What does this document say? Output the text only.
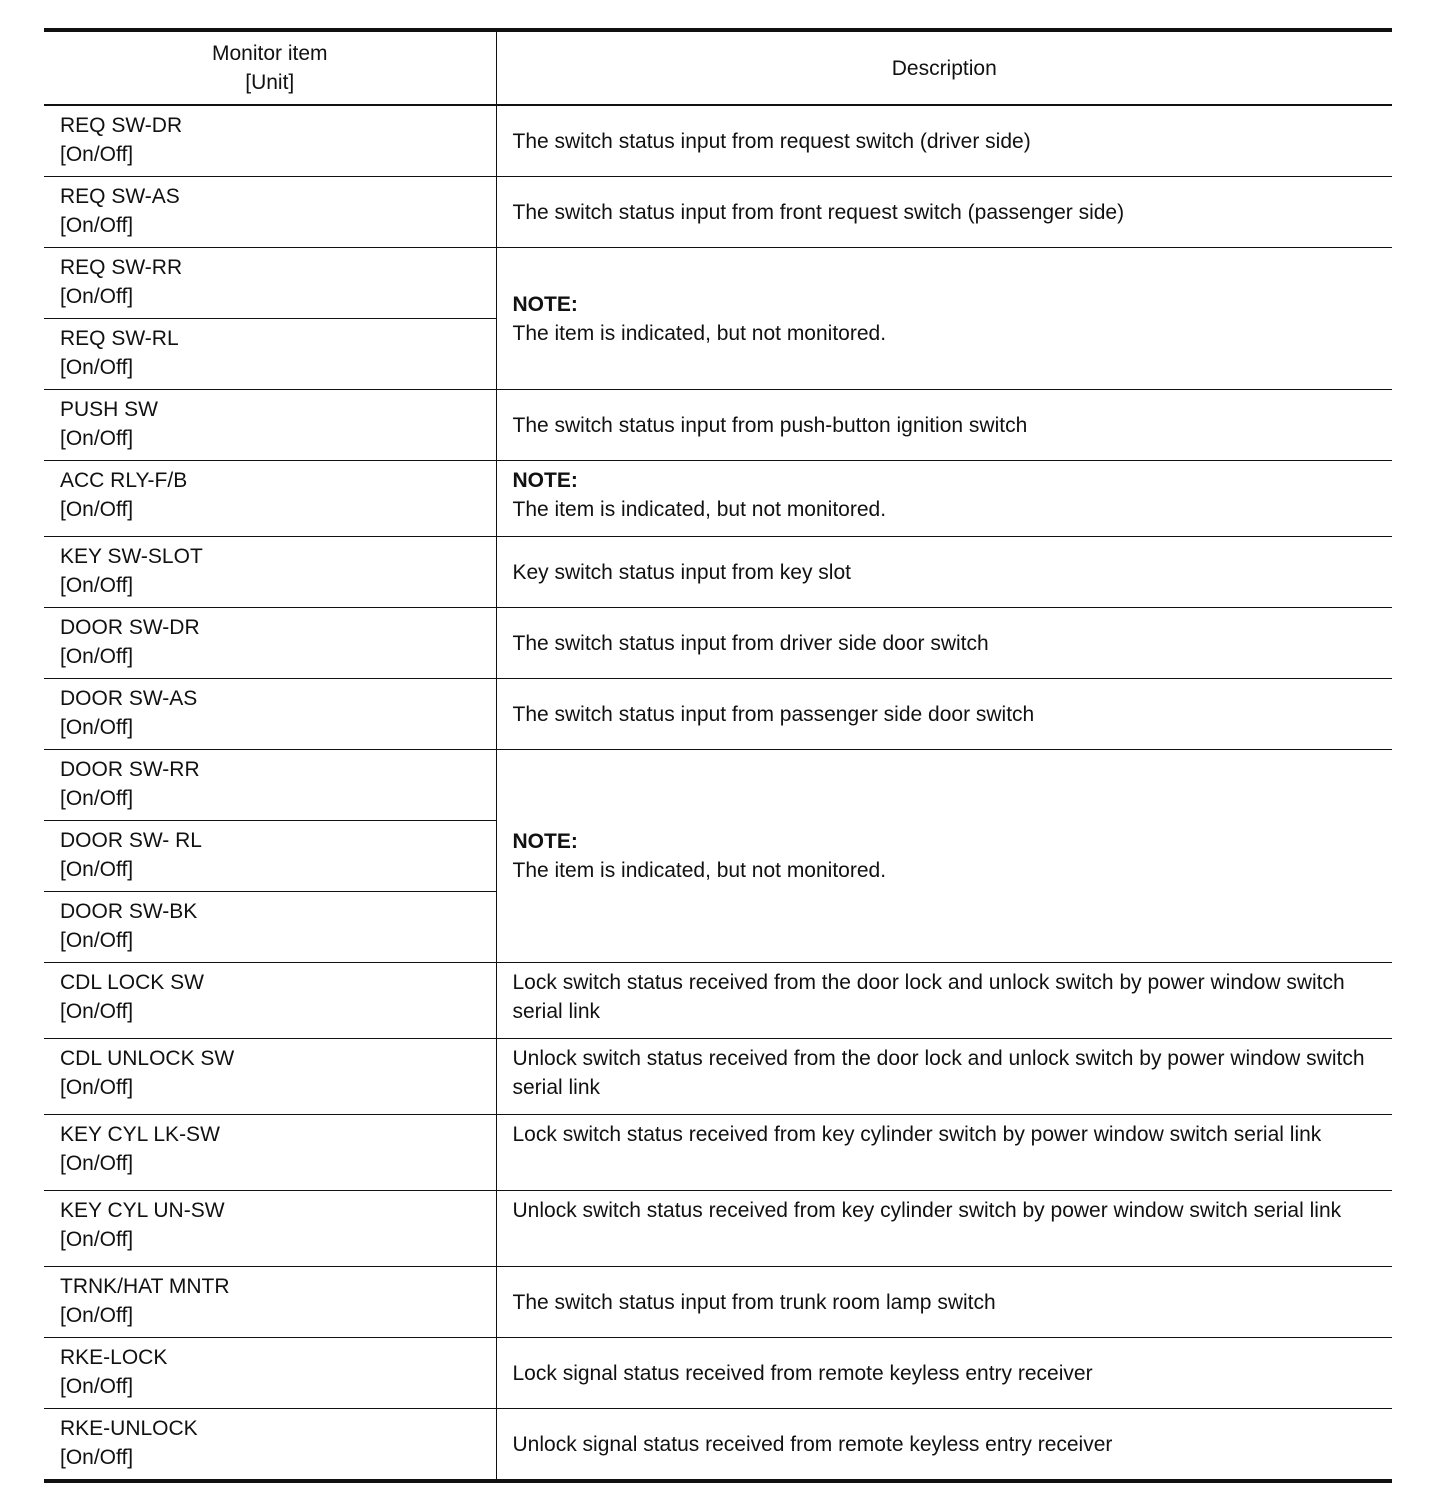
Monitor item
[Unit]	Description

REQ SW-DR
[On/Off]	The switch status input from request switch (driver side)

REQ SW-AS
[On/Off]	The switch status input from front request switch (passenger side)

REQ SW-RR
[On/Off]	NOTE:
The item is indicated, but not monitored.

REQ SW-RL
[On/Off]	

PUSH SW
[On/Off]	The switch status input from push-button ignition switch

ACC RLY-F/B
[On/Off]	NOTE:
The item is indicated, but not monitored.

KEY SW-SLOT
[On/Off]	Key switch status input from key slot

DOOR SW-DR
[On/Off]	The switch status input from driver side door switch

DOOR SW-AS
[On/Off]	The switch status input from passenger side door switch

DOOR SW-RR
[On/Off]	NOTE:
The item is indicated, but not monitored.

DOOR SW- RL
[On/Off]	

DOOR SW-BK
[On/Off]	

CDL LOCK SW
[On/Off]	Lock switch status received from the door lock and unlock switch by power window switch serial link

CDL UNLOCK SW
[On/Off]	Unlock switch status received from the door lock and unlock switch by power window switch serial link

KEY CYL LK-SW
[On/Off]	Lock switch status received from key cylinder switch by power window switch serial link

KEY CYL UN-SW
[On/Off]	Unlock switch status received from key cylinder switch by power window switch serial link

TRNK/HAT MNTR
[On/Off]	The switch status input from trunk room lamp switch

RKE-LOCK
[On/Off]	Lock signal status received from remote keyless entry receiver

RKE-UNLOCK
[On/Off]	Unlock signal status received from remote keyless entry receiver
